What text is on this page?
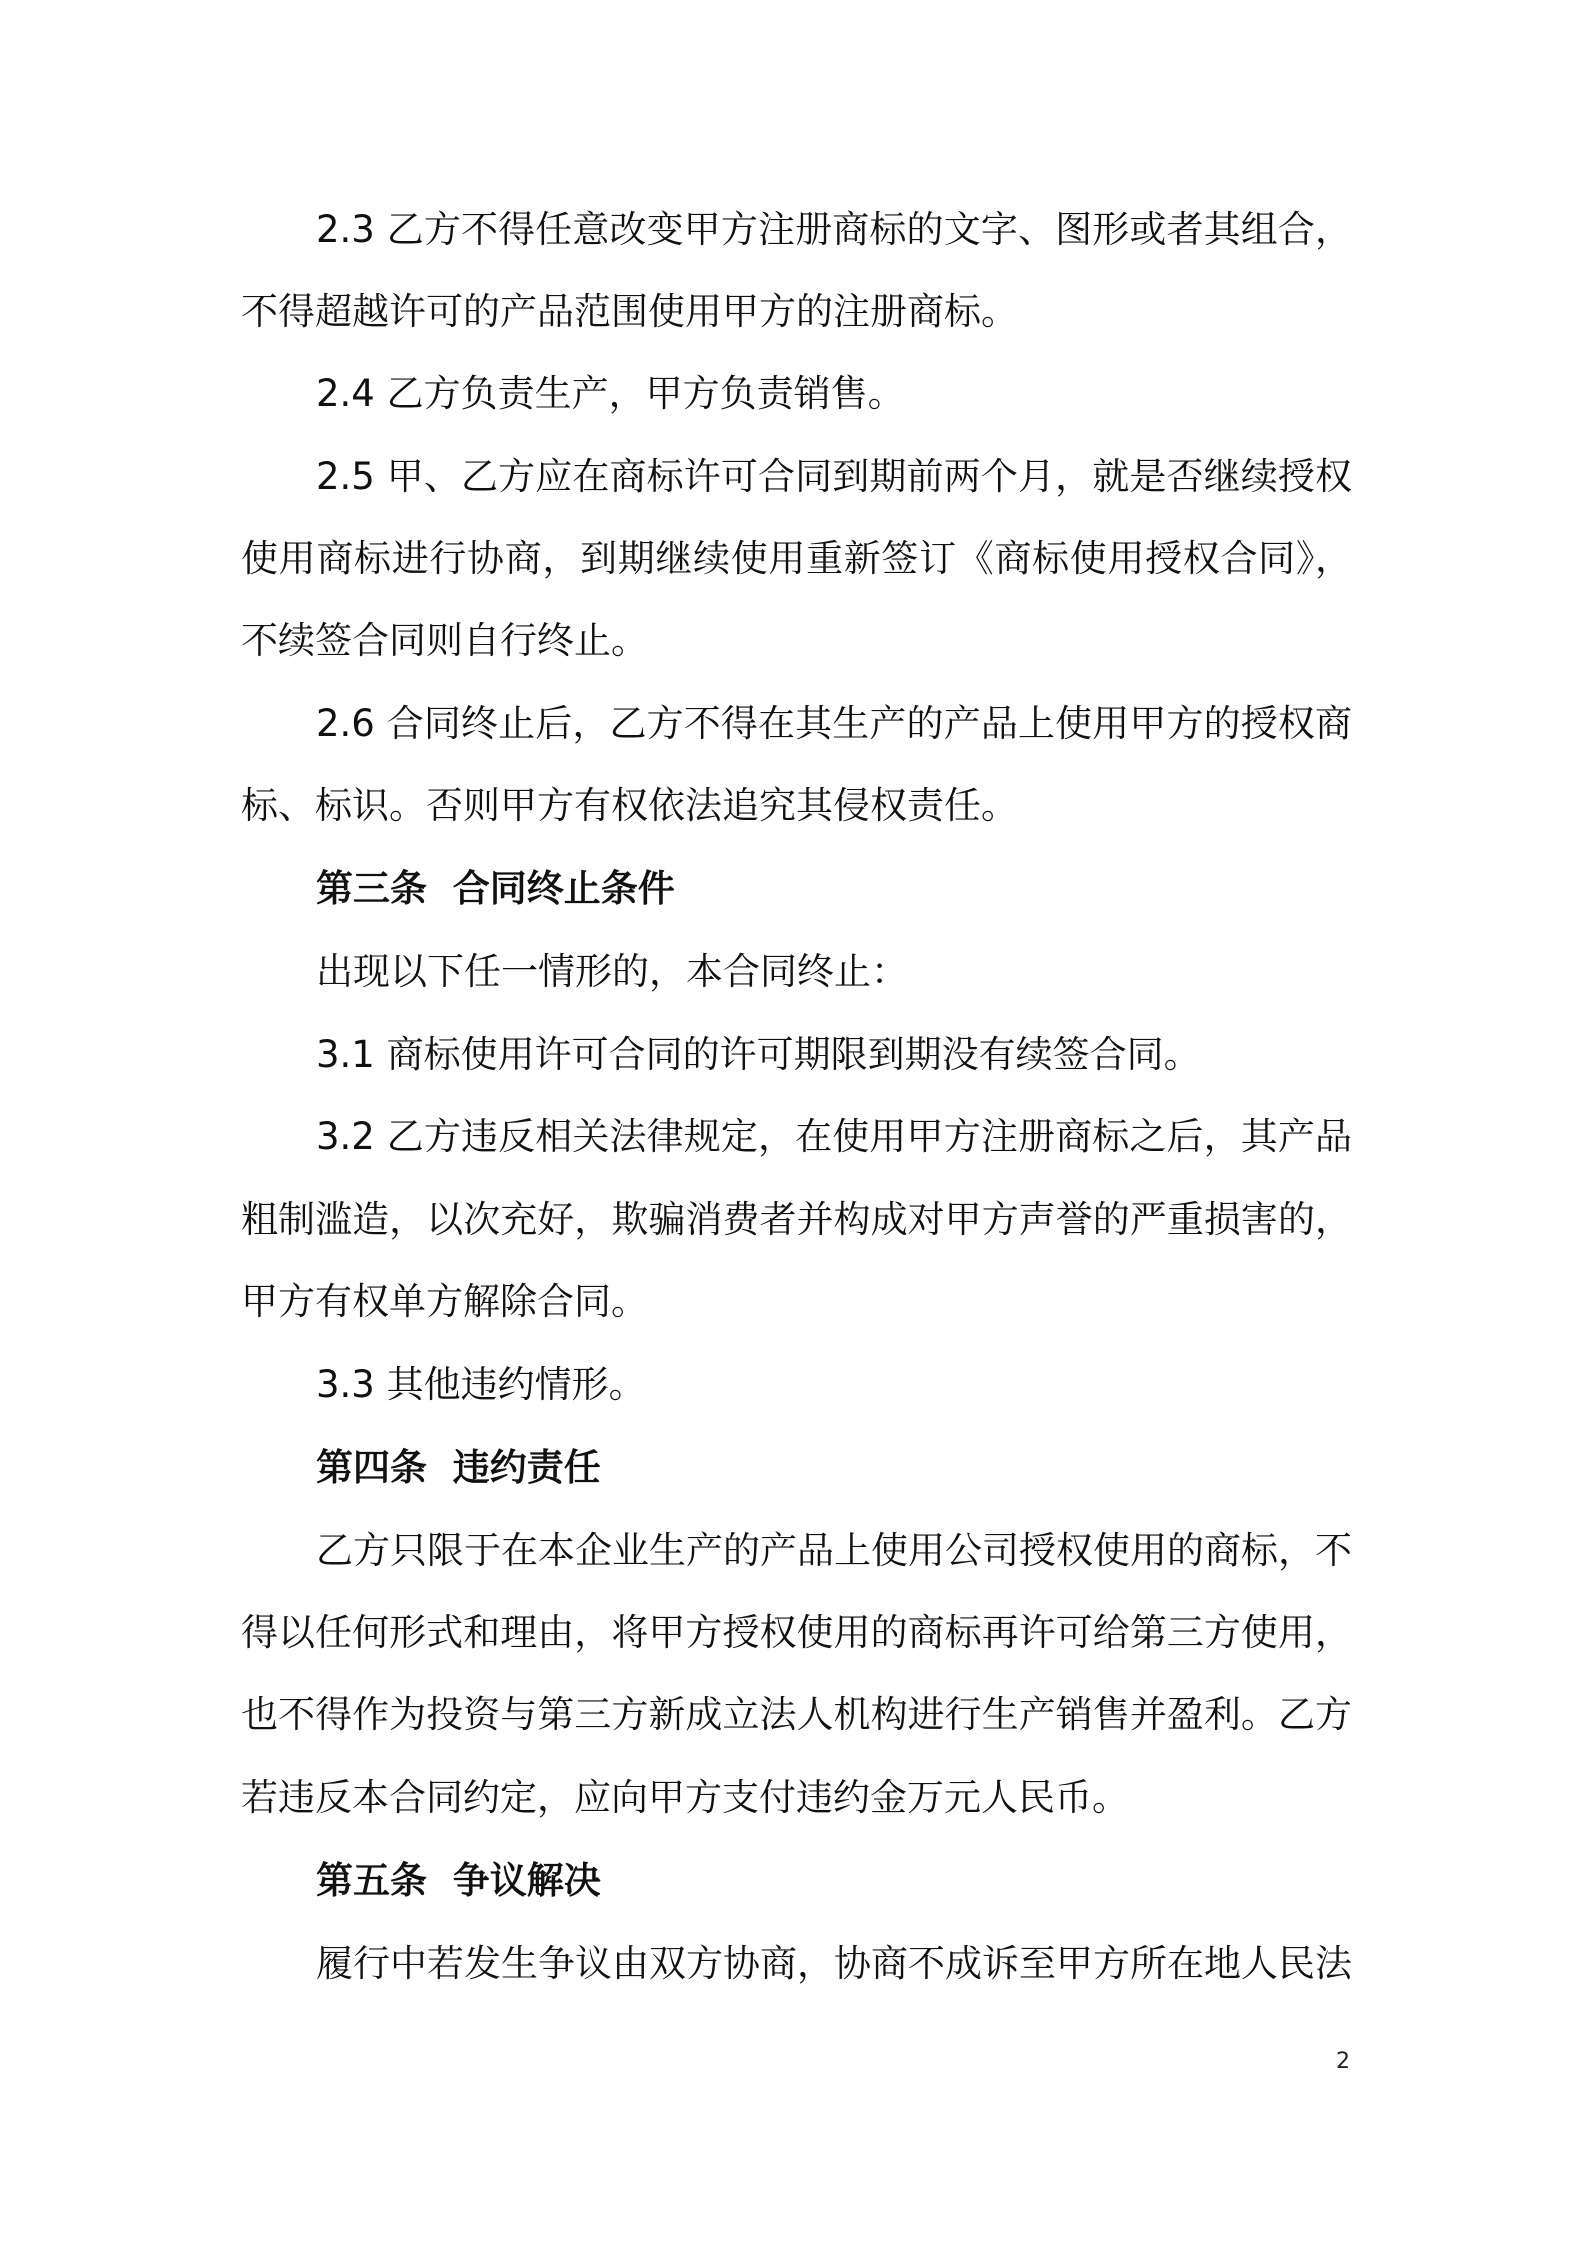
2.3 乙方不得任意改变甲方注册商标的文字、图形或者其组合，
不得超越许可的产品范围使用甲方的注册商标。
2.4 乙方负责生产，甲方负责销售。
2.5 甲、乙方应在商标许可合同到期前两个月，就是否继续授权
使用商标进行协商，到期继续使用重新签订《商标使用授权合同》，
不续签合同则自行终止。
2.6 合同终止后，乙方不得在其生产的产品上使用甲方的授权商
标、标识。否则甲方有权依法追究其侵权责任。
第三条  合同终止条件
出现以下任一情形的，本合同终止：
3.1 商标使用许可合同的许可期限到期没有续签合同。
3.2 乙方违反相关法律规定，在使用甲方注册商标之后，其产品
粗制滥造，以次充好，欺骗消费者并构成对甲方声誉的严重损害的，
甲方有权单方解除合同。
3.3 其他违约情形。
第四条  违约责任
乙方只限于在本企业生产的产品上使用公司授权使用的商标，不
得以任何形式和理由，将甲方授权使用的商标再许可给第三方使用，
也不得作为投资与第三方新成立法人机构进行生产销售并盈利。乙方
若违反本合同约定，应向甲方支付违约金万元人民币。
第五条  争议解决
履行中若发生争议由双方协商，协商不成诉至甲方所在地人民法
2
